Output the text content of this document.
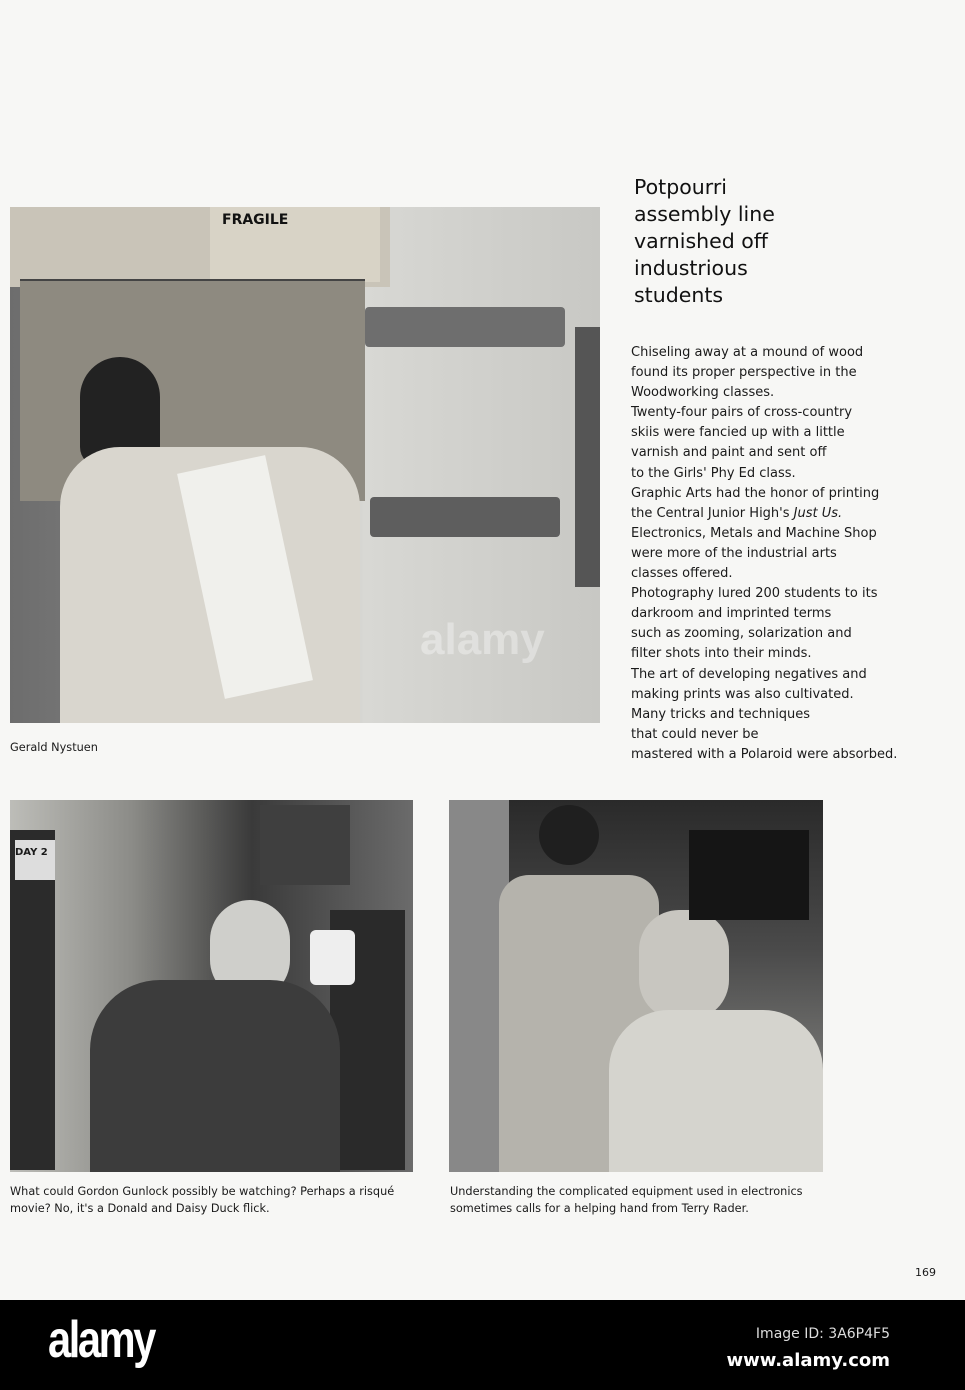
FRAGILE
Gerald Nystuen
Potpourri
assembly line
varnished off
industrious
students
Chiseling away at a mound of wood
found its proper perspective in the
Woodworking classes.
Twenty-four pairs of cross-country
skiis were fancied up with a little
varnish and paint and sent off
to the Girls' Phy Ed class.
Graphic Arts had the honor of printing
the Central Junior High's Just Us.
Electronics, Metals and Machine Shop
were more of the industrial arts
classes offered.
Photography lured 200 students to its
darkroom and imprinted terms
such as zooming, solarization and
filter shots into their minds.
The art of developing negatives and
making prints was also cultivated.
Many tricks and techniques
that could never be
mastered with a Polaroid were absorbed.
DAY 2
What could Gordon Gunlock possibly be watching? Perhaps a risqué movie? No, it's a Donald and Daisy Duck flick.
Understanding the complicated equipment used in electronics sometimes calls for a helping hand from Terry Rader.
169
alamy
alamy	Image ID: 3A6P4F5
www.alamy.com
